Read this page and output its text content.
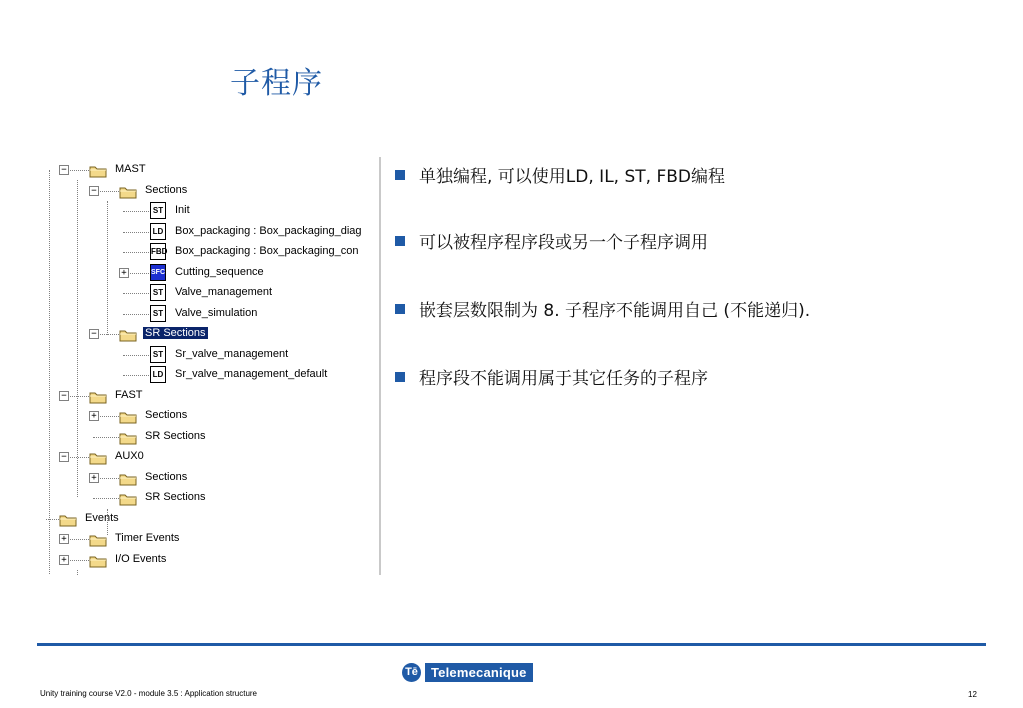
子程序
−	MAST
−	Sections
ST Init
LD Box_packaging : Box_packaging_diag
FBD Box_packaging : Box_packaging_con
+	SFC Cutting_sequence
ST Valve_management
ST Valve_simulation
−	SR Sections
ST Sr_valve_management
LD Sr_valve_management_default
−	FAST
+	Sections
SR Sections
−	AUX0
+	Sections
SR Sections
Events
+	Timer Events
+	I/O Events
单独编程, 可以使用LD, IL, ST, FBD编程
可以被程序程序段或另一个子程序调用
嵌套层数限制为 8. 子程序不能调用自己 (不能递归).
程序段不能调用属于其它任务的子程序
Tē	Telemecanique
Unity training course V2.0 - module 3.5 : Application structure	12
